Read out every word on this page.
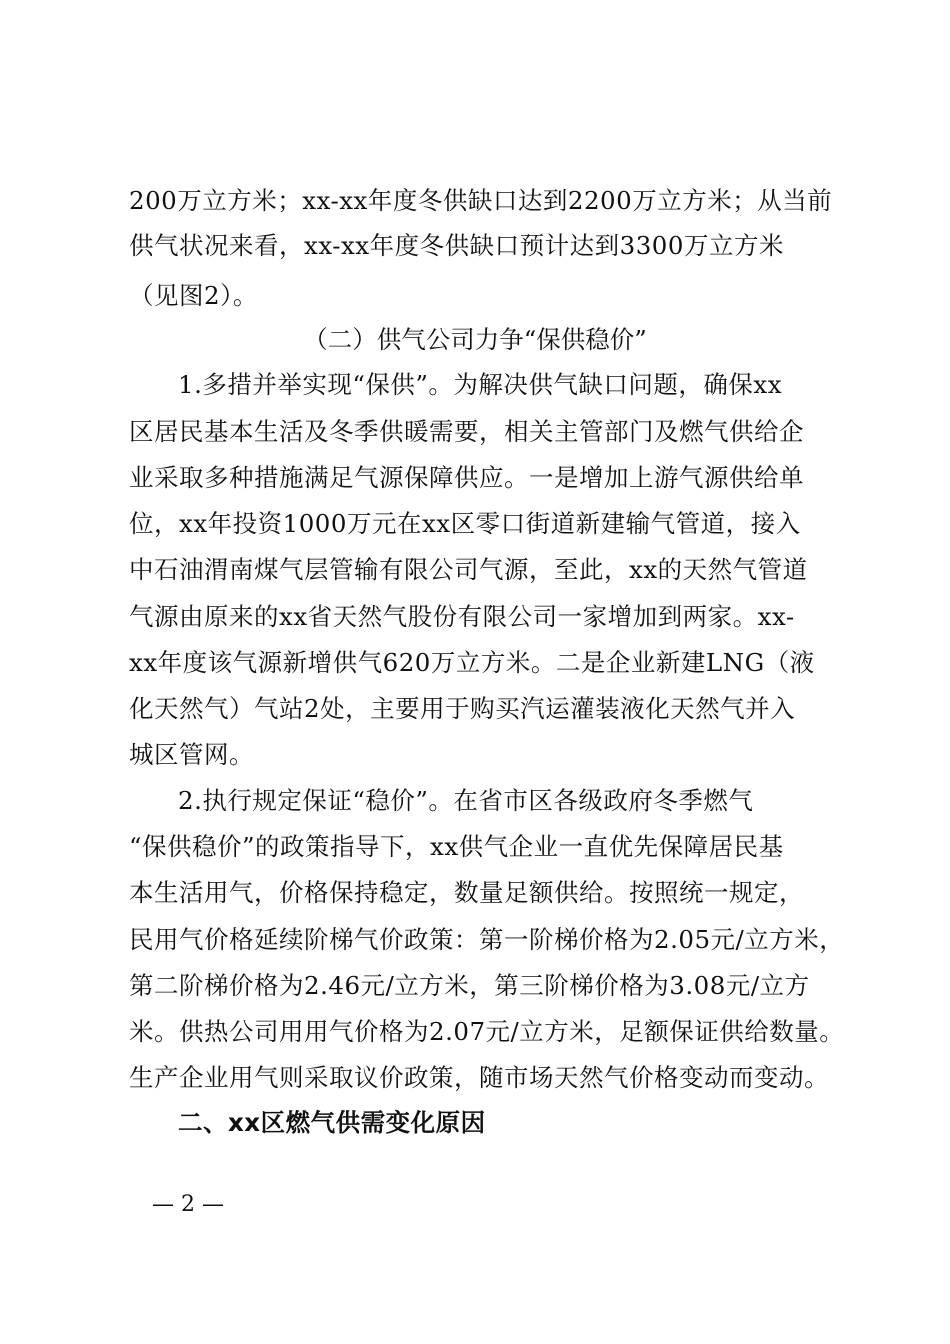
200万立方米；xx-xx年度冬供缺口达到2200万立方米；从当前
供气状况来看，xx-xx年度冬供缺口预计达到3300万立方米
（见图2）。
（二）供气公司力争“保供稳价”
1.多措并举实现“保供”。为解决供气缺口问题，确保xx
区居民基本生活及冬季供暖需要，相关主管部门及燃气供给企
业采取多种措施满足气源保障供应。一是增加上游气源供给单
位，xx年投资1000万元在xx区零口街道新建输气管道，接入
中石油渭南煤气层管输有限公司气源，至此，xx的天然气管道
气源由原来的xx省天然气股份有限公司一家增加到两家。xx-
xx年度该气源新增供气620万立方米。二是企业新建LNG（液
化天然气）气站2处，主要用于购买汽运灌装液化天然气并入
城区管网。
2.执行规定保证“稳价”。在省市区各级政府冬季燃气
“保供稳价”的政策指导下，xx供气企业一直优先保障居民基
本生活用气，价格保持稳定，数量足额供给。按照统一规定，
民用气价格延续阶梯气价政策：第一阶梯价格为2.05元/立方米，
第二阶梯价格为2.46元/立方米，第三阶梯价格为3.08元/立方
米。供热公司用用气价格为2.07元/立方米，足额保证供给数量。
生产企业用气则采取议价政策，随市场天然气价格变动而变动。
二、xx区燃气供需变化原因
— 2 —
